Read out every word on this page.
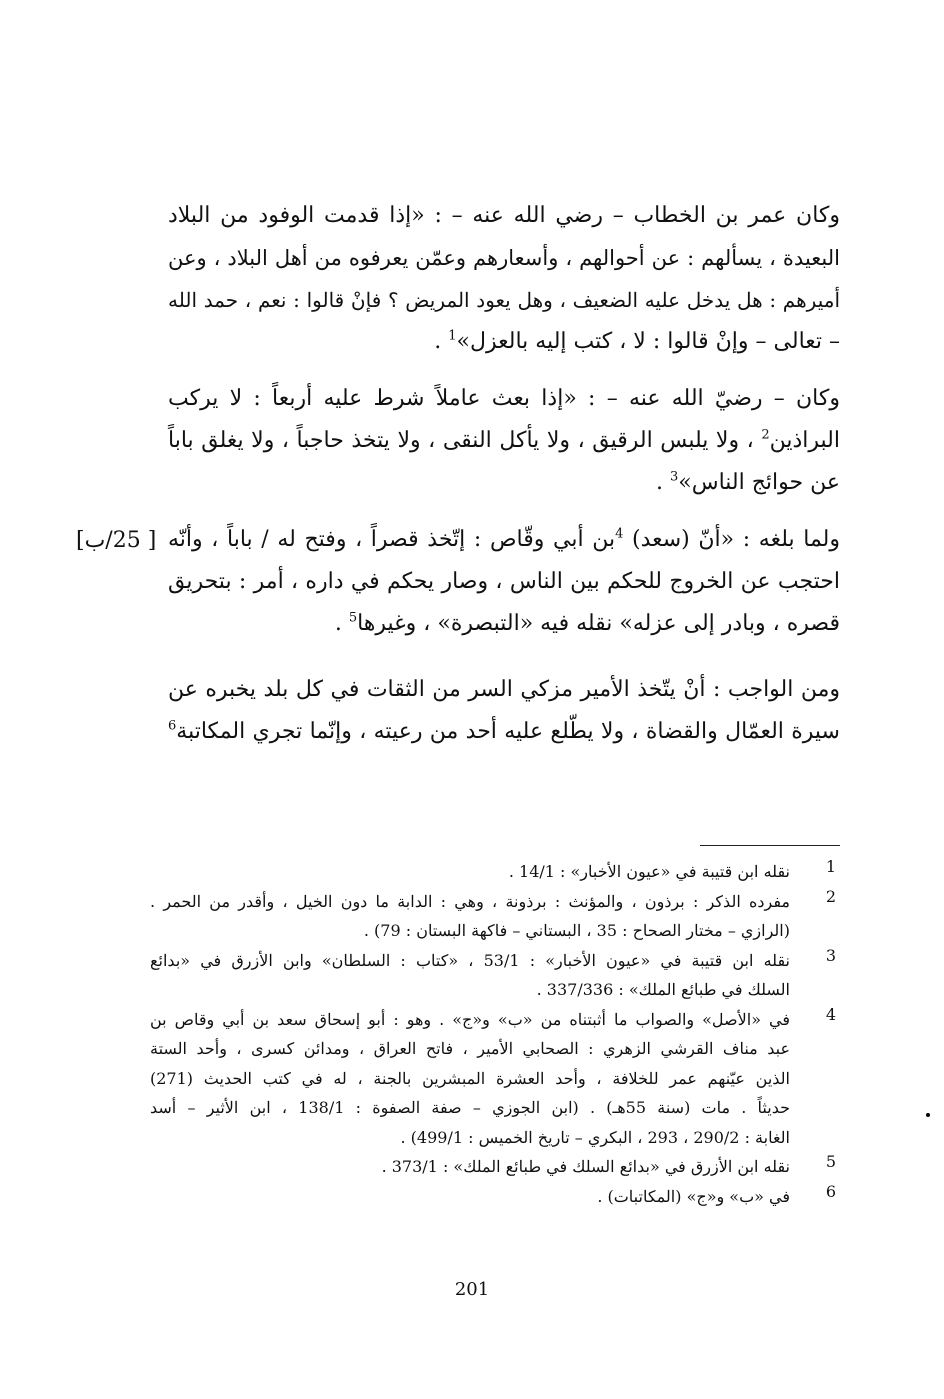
وكان عمر بن الخطاب – رضي الله عنه – : «إذا قدمت الوفود من البلاد
البعيدة ، يسألهم : عن أحوالهم ، وأسعارهم وعمّن يعرفوه من أهل البلاد ، وعن
أميرهم : هل يدخل عليه الضعيف ، وهل يعود المريض ؟ فإنْ قالوا : نعم ، حمد الله
– تعالى – وإنْ قالوا : لا ، كتب إليه بالعزل»$^1$ .
وكان – رضيّ الله عنه – : «إذا بعث عاملاً شرط عليه أربعاً : لا يركب
البراذين$^2$ ، ولا يلبس الرقيق ، ولا يأكل النقى ، ولا يتخذ حاجباً ، ولا يغلق باباً
عن حوائج الناس»$^3$ .
[ 25/ب]	ولما بلغه : «أنّ (سعد) $^4$بن أبي وقّاص : إتّخذ قصراً ، وفتح له / باباً ، وأنّه
احتجب عن الخروج للحكم بين الناس ، وصار يحكم في داره ، أمر : بتحريق
قصره ، وبادر إلى عزله» نقله فيه «التبصرة» ، وغيرها$^5$ .
ومن الواجب : أنْ يتّخذ الأمير مزكي السر من الثقات في كل بلد يخبره عن
سيرة العمّال والقضاة ، ولا يطّلع عليه أحد من رعيته ، وإنّما تجري المكاتبة$^6$
1
نقله ابن قتيبة في «عيون الأخبار» : 14/1 .
2
مفرده الذكر : برذون ، والمؤنث : برذونة ، وهي : الدابة ما دون الخيل ، وأقدر من الحمر .
(الرازي – مختار الصحاح : 35 ، البستاني – فاكهة البستان : 79) .
3
نقله ابن قتيبة في «عيون الأخبار» : 53/1 ، «كتاب : السلطان» وابن الأزرق في «بدائع
السلك في طبائع الملك» : 337/336 .
4
في «الأصل» والصواب ما أثبتناه من «ب» و«ج» . وهو : أبو إسحاق سعد بن أبي وقاص بن
عبد مناف القرشي الزهري : الصحابي الأمير ، فاتح العراق ، ومدائن كسرى ، وأحد الستة
الذين عيّنهم عمر للخلافة ، وأحد العشرة المبشرين بالجنة ، له في كتب الحديث (271)
حديثاً . مات (سنة 55هـ) . (ابن الجوزي – صفة الصفوة : 138/1 ، ابن الأثير – أسد
الغابة : 290/2 ، 293 ، البكري – تاريخ الخميس : 499/1) .
5
نقله ابن الأزرق في «بدائع السلك في طبائع الملك» : 373/1 .
6
في «ب» و«ج» (المكاتبات) .
201
